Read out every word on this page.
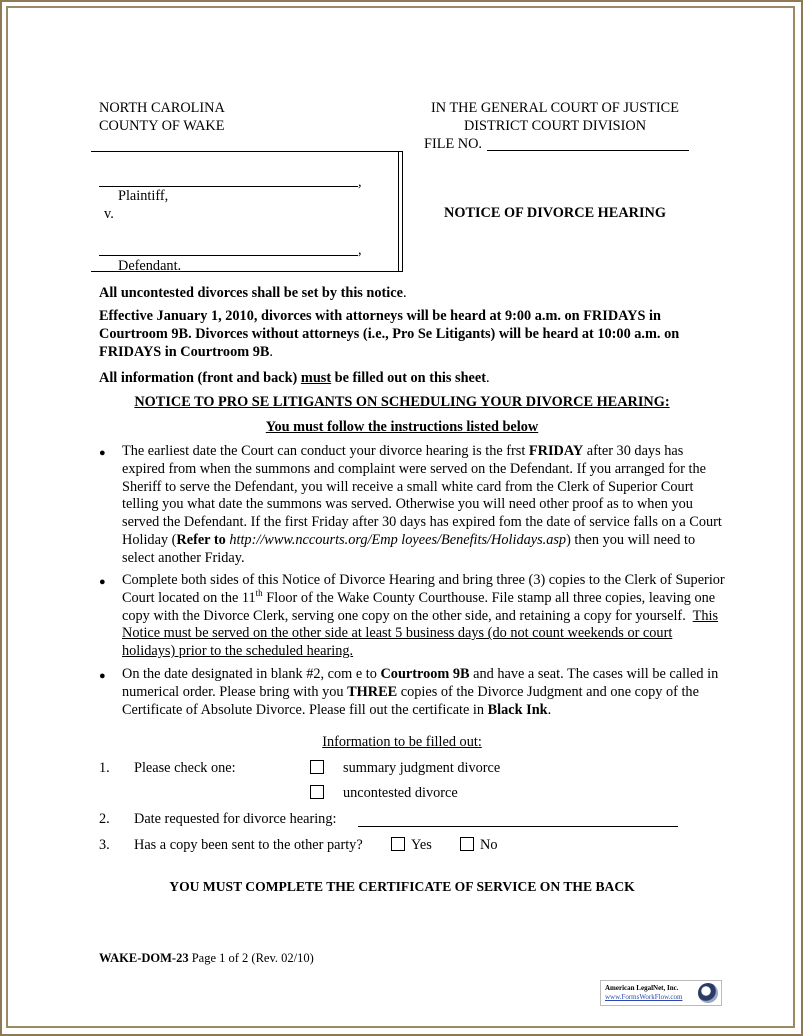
NORTH CAROLINA
COUNTY OF WAKE
IN THE GENERAL COURT OF JUSTICE
DISTRICT COURT DIVISION
FILE NO.
,
Plaintiff,
v.
,
Defendant.
NOTICE OF DIVORCE HEARING
All uncontested divorces shall be set by this notice.
Effective January 1, 2010, divorces with attorneys will be heard at 9:00 a.m. on FRIDAYS in Courtroom 9B. Divorces without attorneys (i.e., Pro Se Litigants) will be heard at 10:00 a.m. on FRIDAYS in Courtroom 9B.
All information (front and back) must be filled out on this sheet.
NOTICE TO PRO SE LITIGANTS ON SCHEDULING YOUR DIVORCE HEARING:
You must follow the instructions listed below
● The earliest date the Court can conduct your divorce hearing is the frst FRIDAY after 30 days has expired from when the summons and complaint were served on the Defendant. If you arranged for the Sheriff to serve the Defendant, you will receive a small white card from the Clerk of Superior Court telling you what date the summons was served. Otherwise you will need other proof as to when you served the Defendant. If the first Friday after 30 days has expired fom the date of service falls on a Court Holiday (Refer to http://www.nccourts.org/Emp loyees/Benefits/Holidays.asp) then you will need to select another Friday.

● Complete both sides of this Notice of Divorce Hearing and bring three (3) copies to the Clerk of Superior Court located on the 11th Floor of the Wake County Courthouse. File stamp all three copies, leaving one copy with the Divorce Clerk, serving one copy on the other side, and retaining a copy for yourself. This Notice must be served on the other side at least 5 business days (do not count weekends or court holidays) prior to the scheduled hearing.

● On the date designated in blank #2, com e to Courtroom 9B and have a seat. The cases will be called in numerical order. Please bring with you THREE copies of the Divorce Judgment and one copy of the Certificate of Absolute Divorce. Please fill out the certificate in Black Ink.

Information to be filled out:
1. Please check one:	summary judgment divorce
uncontested divorce
2. Date requested for divorce hearing:
3. Has a copy been sent to the other party?	Yes	No
YOU MUST COMPLETE THE CERTIFICATE OF SERVICE ON THE BACK
WAKE-DOM-23 Page 1 of 2 (Rev. 02/10)
American LegalNet, Inc.
www.FormsWorkFlow.com
